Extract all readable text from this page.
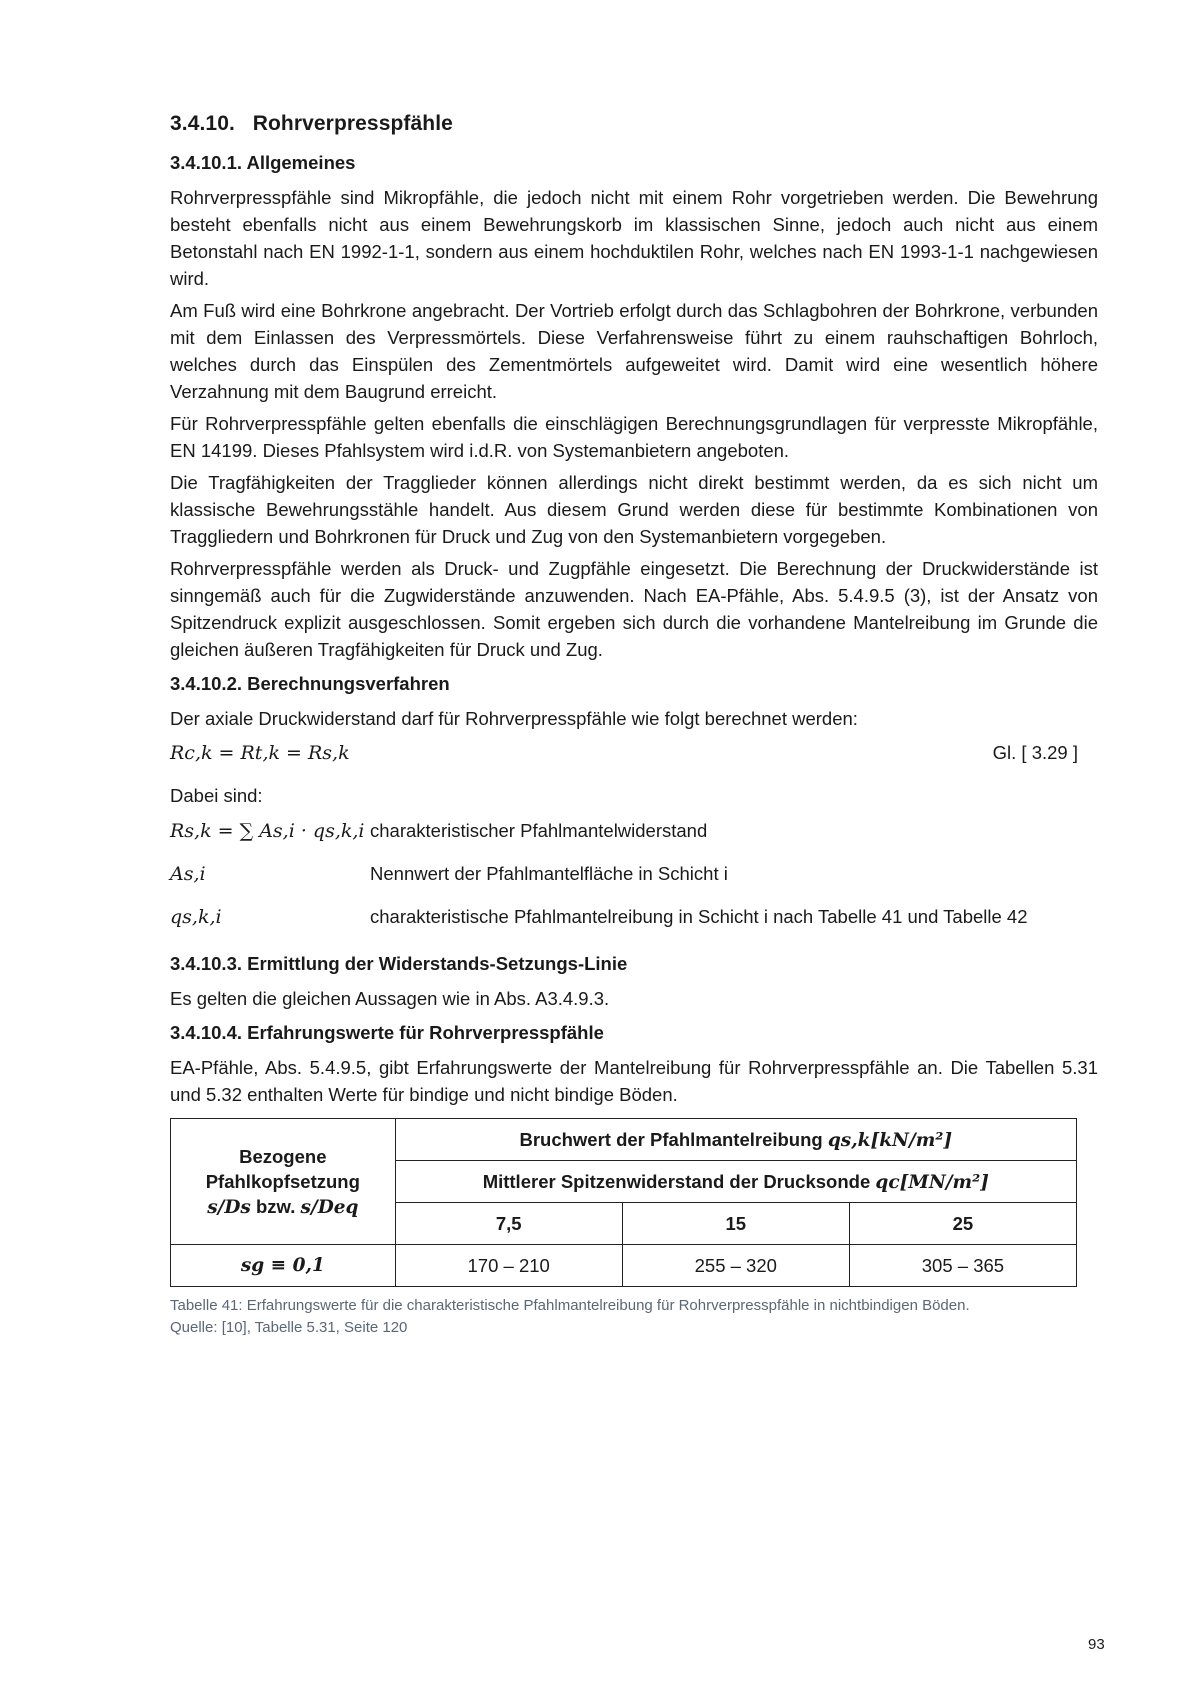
3.4.10. Rohrverpresspfähle
3.4.10.1. Allgemeines

Rohrverpresspfähle sind Mikropfähle, die jedoch nicht mit einem Rohr vorgetrieben werden. Die Bewehrung besteht ebenfalls nicht aus einem Bewehrungskorb im klassischen Sinne, jedoch auch nicht aus einem Betonstahl nach EN 1992-1-1, sondern aus einem hochduktilen Rohr, welches nach EN 1993-1-1 nachgewiesen wird.

Am Fuß wird eine Bohrkrone angebracht. Der Vortrieb erfolgt durch das Schlagbohren der Bohrkrone, verbunden mit dem Einlassen des Verpressmörtels. Diese Verfahrensweise führt zu einem rauhschaftigen Bohrloch, welches durch das Einspülen des Zementmörtels aufgeweitet wird. Damit wird eine wesentlich höhere Verzahnung mit dem Baugrund erreicht.

Für Rohrverpresspfähle gelten ebenfalls die einschlägigen Berechnungsgrundlagen für verpresste Mikropfähle, EN 14199. Dieses Pfahlsystem wird i.d.R. von Systemanbietern angeboten.

Die Tragfähigkeiten der Tragglieder können allerdings nicht direkt bestimmt werden, da es sich nicht um klassische Bewehrungsstähle handelt. Aus diesem Grund werden diese für bestimmte Kombinationen von Traggliedern und Bohrkronen für Druck und Zug von den Systemanbietern vorgegeben.

Rohrverpresspfähle werden als Druck- und Zugpfähle eingesetzt. Die Berechnung der Druckwiderstände ist sinngemäß auch für die Zugwiderstände anzuwenden. Nach EA-Pfähle, Abs. 5.4.9.5 (3), ist der Ansatz von Spitzendruck explizit ausgeschlossen. Somit ergeben sich durch die vorhandene Mantelreibung im Grunde die gleichen äußeren Tragfähigkeiten für Druck und Zug.

3.4.10.2. Berechnungsverfahren

Der axiale Druckwiderstand darf für Rohrverpresspfähle wie folgt berechnet werden:

Rc,k = Rt,k = Rs,k	Gl. [ 3.29 ]

Dabei sind:

Rs,k = ∑ As,i · qs,k,i charakteristischer Pfahlmantelwiderstand
As,i	Nennwert der Pfahlmantelfläche in Schicht i
qs,k,i	charakteristische Pfahlmantelreibung in Schicht i nach Tabelle 41 und Tabelle 42
3.4.10.3. Ermittlung der Widerstands-Setzungs-Linie

Es gelten die gleichen Aussagen wie in Abs. A3.4.9.3.

3.4.10.4. Erfahrungswerte für Rohrverpresspfähle

EA-Pfähle, Abs. 5.4.9.5, gibt Erfahrungswerte der Mantelreibung für Rohrverpresspfähle an. Die Tabellen 5.31 und 5.32 enthalten Werte für bindige und nicht bindige Böden.

Bezogene
Pfahlkopfsetzung
s/Ds bzw. s/Deq	Bruchwert der Pfahlmantelreibung qs,k[kN/m²]		
	Mittlerer Spitzenwiderstand der Drucksonde qc[MN/m²]		
	7,5	15	25
sg ≡ 0,1	170 – 210	255 – 320	305 – 365
Tabelle 41: Erfahrungswerte für die charakteristische Pfahlmantelreibung für Rohrverpresspfähle in nichtbindigen Böden.
Quelle: [10], Tabelle 5.31, Seite 120
93
